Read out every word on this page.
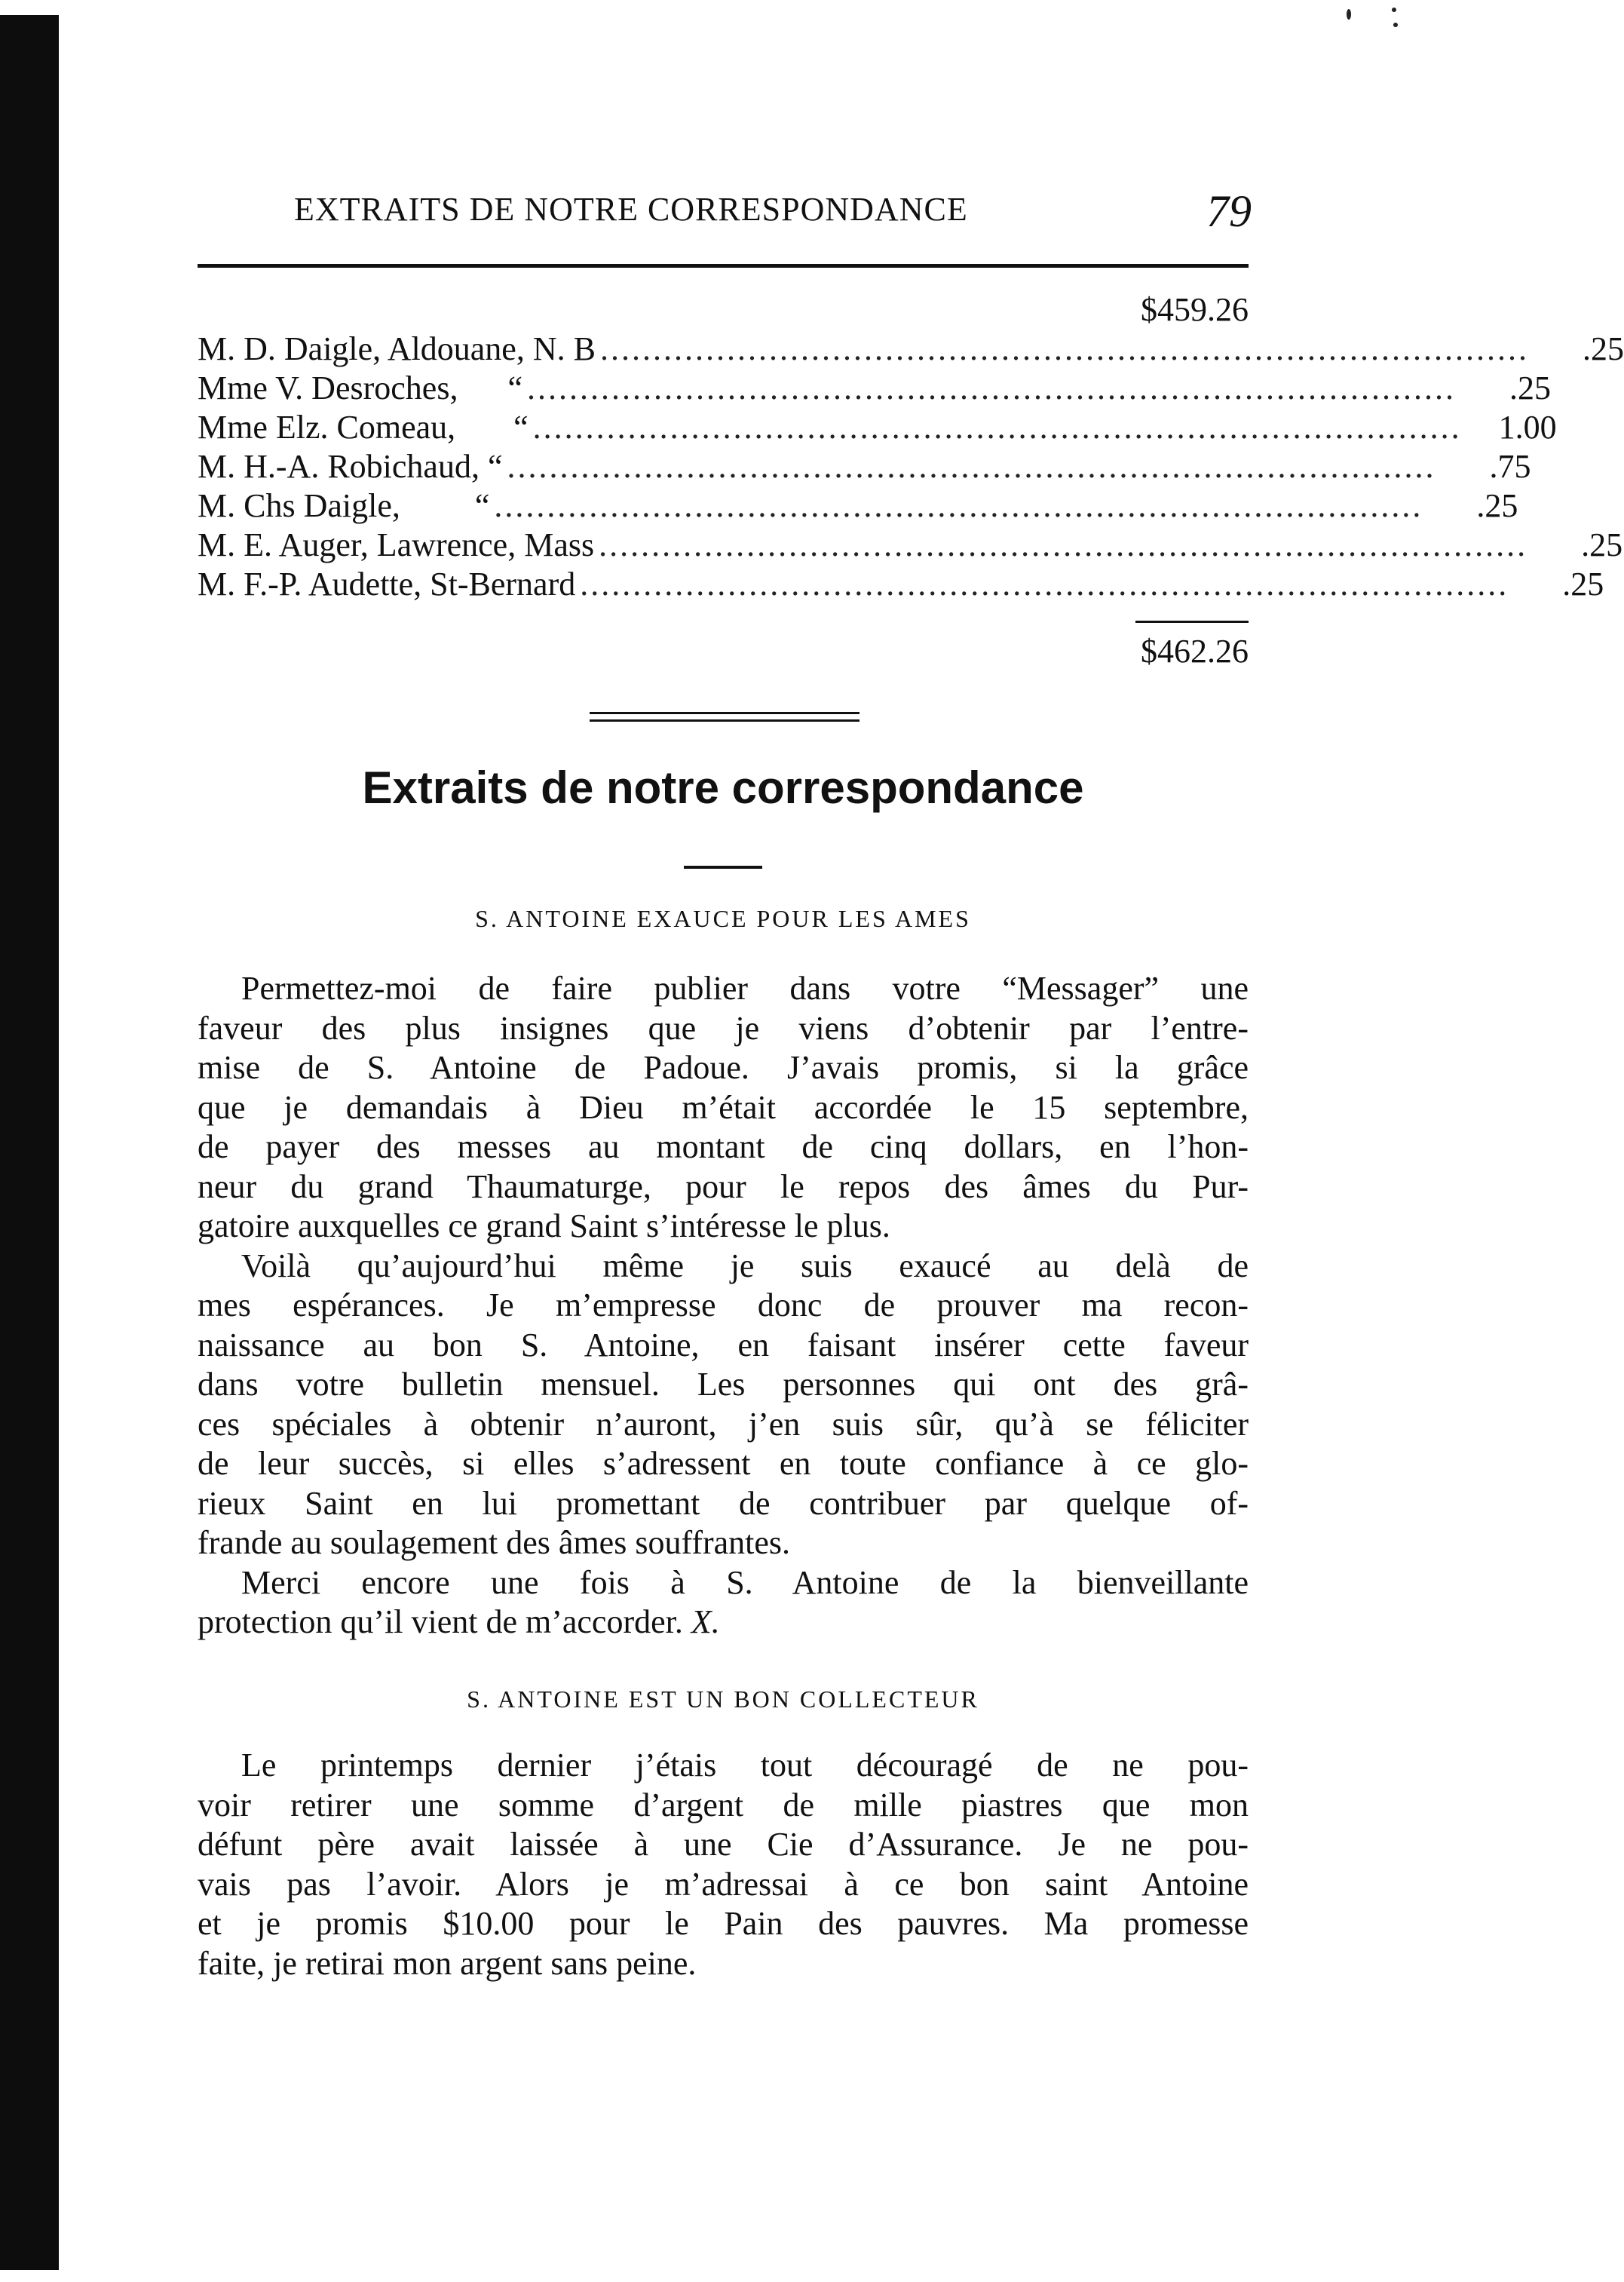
EXTRAITS DE NOTRE CORRESPONDANCE	79
$459.26
M. D. Daigle, Aldouane, N. B ........................................................................................	.25
Mme V. Desroches,      “ ........................................................................................	.25
Mme Elz. Comeau,       “ ........................................................................................	1.00
M. H.-A. Robichaud, “ ........................................................................................	.75
M. Chs Daigle,         “ ........................................................................................	.25
M. E. Auger, Lawrence, Mass ........................................................................................	.25
M. F.-P. Audette, St-Bernard ........................................................................................	.25
$462.26
Extraits de notre correspondance
S. ANTOINE EXAUCE POUR LES AMES
Permettez-moi de faire publier dans votre “Messager” une
faveur des plus insignes que je viens d’obtenir par l’entre-
mise de S. Antoine de Padoue. J’avais promis, si la grâce
que je demandais à Dieu m’était accordée le 15 septembre,
de payer des messes au montant de cinq dollars, en l’hon-
neur du grand Thaumaturge, pour le repos des âmes du Pur-
gatoire auxquelles ce grand Saint s’intéresse le plus.
Voilà qu’aujourd’hui même je suis exaucé au delà de
mes espérances. Je m’empresse donc de prouver ma recon-
naissance au bon S. Antoine, en faisant insérer cette faveur
dans votre bulletin mensuel. Les personnes qui ont des grâ-
ces spéciales à obtenir n’auront, j’en suis sûr, qu’à se féliciter
de leur succès, si elles s’adressent en toute confiance à ce glo-
rieux Saint en lui promettant de contribuer par quelque of-
frande au soulagement des âmes souffrantes.
Merci encore une fois à S. Antoine de la bienveillante
protection qu’il vient de m’accorder. X.
S. ANTOINE EST UN BON COLLECTEUR
Le printemps dernier j’étais tout découragé de ne pou-
voir retirer une somme d’argent de mille piastres que mon
défunt père avait laissée à une Cie d’Assurance. Je ne pou-
vais pas l’avoir. Alors je m’adressai à ce bon saint Antoine
et je promis $10.00 pour le Pain des pauvres. Ma promesse
faite, je retirai mon argent sans peine.
